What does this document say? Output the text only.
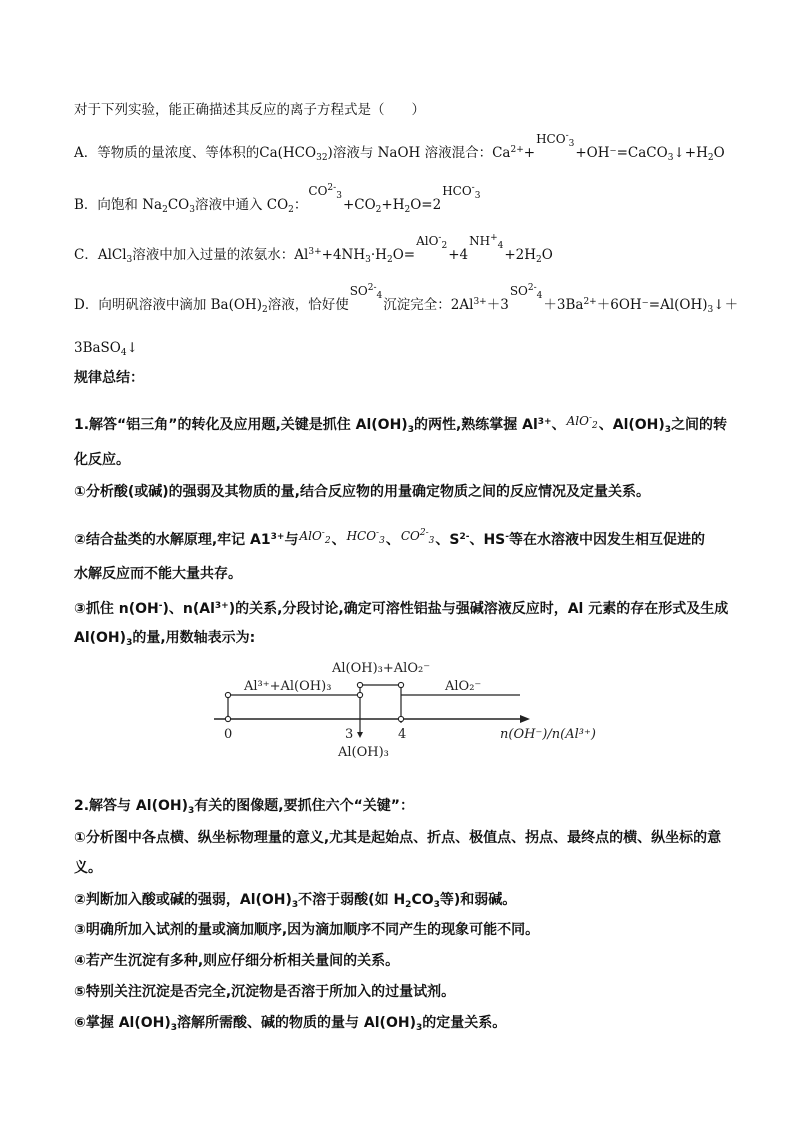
对于下列实验，能正确描述其反应的离子方程式是（　　）
A．等物质的量浓度、等体积的$Ca(HCO_{32})$溶液与 NaOH 溶液混合：$Ca^{2+}+HCO^-_3+OH^-=CaCO_3↓+H_2O$
B．向饱和 $Na_2CO_3$溶液中通入 $CO_2$：$CO^{2-}_3+CO_2+H_2O=2HCO^-_3$
C．AlCl$_3$溶液中加入过量的浓氨水：$Al^{3+}+4NH_3\cdot H_2O=AlO^-_2+4NH^+_4+2H_2O$
D．向明矾溶液中滴加 $Ba(OH)_2$溶液，恰好使$SO^{2-}_4$沉淀完全：$2Al^{3+}+3SO^{2-}_4+3Ba^{2+}+6OH^-=Al(OH)_3↓+$
3BaSO$_4$↓
规律总结：
1.解答“铝三角”的转化及应用题,关键是抓住 $Al(OH)_3$的两性,熟练掌握 $Al^{3+}$、AlO-$_2$、$Al(OH)_3$之间的转
化反应。
①分析酸(或碱)的强弱及其物质的量,结合反应物的用量确定物质之间的反应情况及定量关系。
②结合盐类的水解原理,牢记 $A1^{3+}$与AlO-$_2$、$HCO^-_3$、$CO^{2-}_3$、$S^{2-}$、HS-等在水溶液中因发生相互促进的
水解反应而不能大量共存。
③抓住 n(OH-)、$n(Al^{3+})$的关系,分段讨论,确定可溶性铝盐与强碱溶液反应时，Al 元素的存在形式及生成
$Al(OH)_3$的量,用数轴表示为:
Al³⁺+Al(OH)₃
Al(OH)₃+AlO₂⁻
AlO₂⁻
0	3	4
Al(OH)₃
n(OH⁻)/n(Al³⁺)
2.解答与 $Al(OH)_3$有关的图像题,要抓住六个“关键”：
①分析图中各点横、纵坐标物理量的意义,尤其是起始点、折点、极值点、拐点、最终点的横、纵坐标的意
义。
②判断加入酸或碱的强弱，$Al(OH)_3$不溶于弱酸(如 $H_2CO_3$等)和弱碱。
③明确所加入试剂的量或滴加顺序,因为滴加顺序不同产生的现象可能不同。
④若产生沉淀有多种,则应仔细分析相关量间的关系。
⑤特别关注沉淀是否完全,沉淀物是否溶于所加入的过量试剂。
⑥掌握 $Al(OH)_3$溶解所需酸、碱的物质的量与 $Al(OH)_3$的定量关系。
